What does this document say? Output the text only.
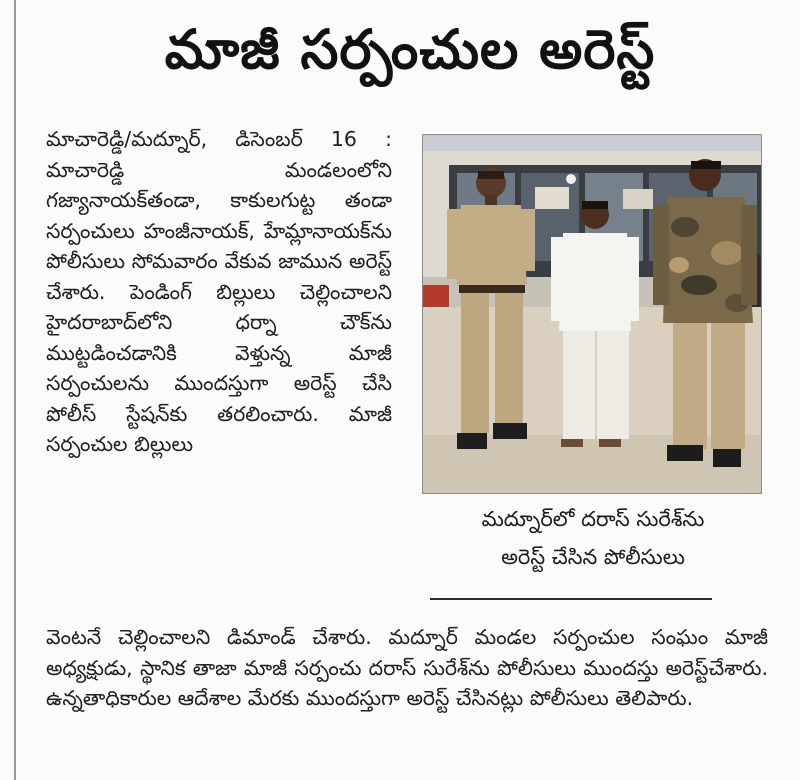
మాజీ సర్పంచుల అరెస్ట్
మాచారెడ్డి/మద్నూర్, డిసెంబర్ 16 : మాచారెడ్డి మండలంలోని గజ్యానాయక్‌తండా, కాకులగుట్ట తండా సర్పంచులు హంజీనాయక్, హేమ్లానాయక్‌ను పోలీసులు సోమవారం వేకువ జామున అరెస్ట్ చేశారు. పెండింగ్ బిల్లులు చెల్లించాలని హైదరాబాద్‌లోని ధర్నా చౌక్‌ను ముట్టడించడానికి వెళ్తున్న మాజీ సర్పంచులను ముందస్తుగా అరెస్ట్ చేసి పోలీస్ స్టేషన్‌కు తరలించారు. మాజీ సర్పంచుల బిల్లులు
మద్నూర్‌లో దరాస్ సురేశ్‌ను
అరెస్ట్ చేసిన పోలీసులు
వెంటనే చెల్లించాలని డిమాండ్ చేశారు. మద్నూర్ మండల సర్పంచుల సంఘం మాజీ అధ్యక్షుడు, స్థానిక తాజా మాజీ సర్పంచు దరాస్ సురేశ్‌ను పోలీసులు ముందస్తు అరెస్ట్‌చేశారు. ఉన్నతాధికారుల ఆదేశాల మేరకు ముందస్తుగా అరెస్ట్ చేసినట్లు పోలీసులు తెలిపారు.
